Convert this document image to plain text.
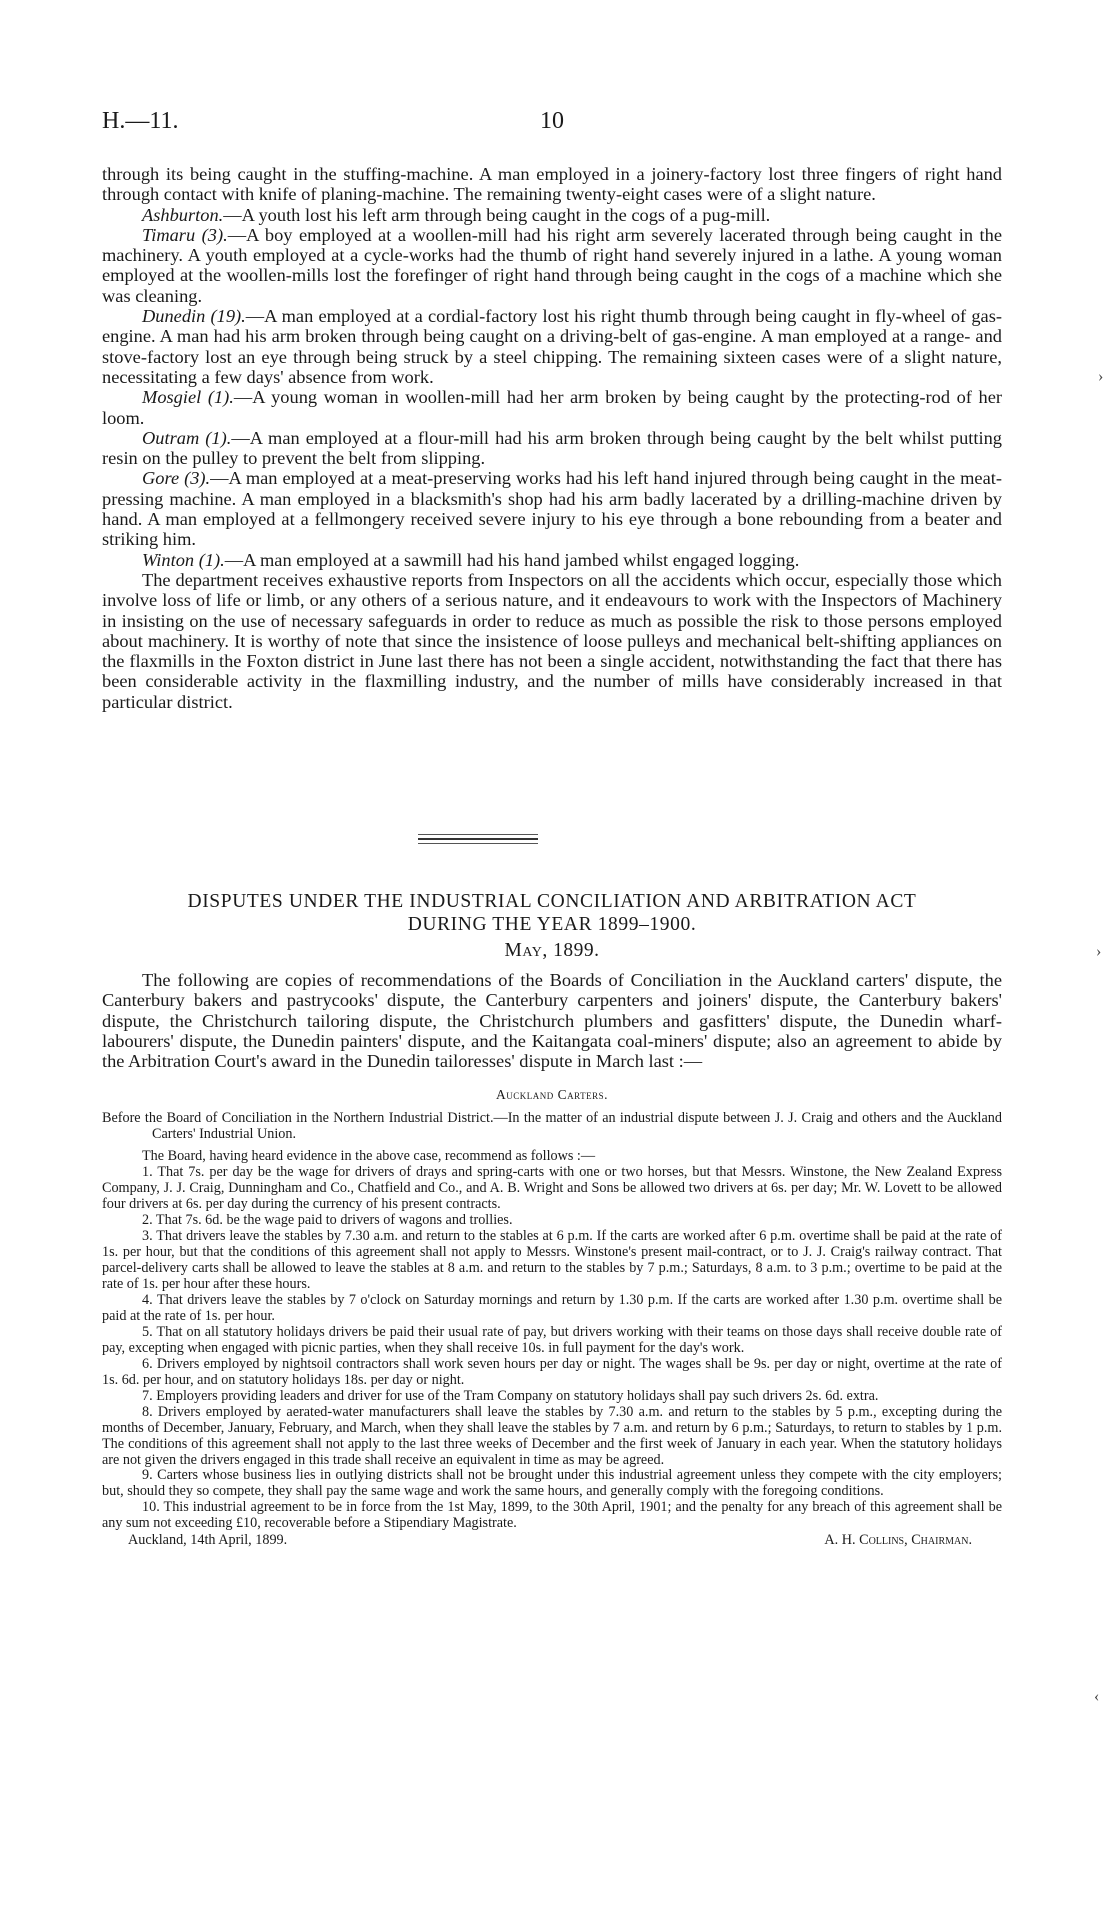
H.—11.	10

through its being caught in the stuffing-machine. A man employed in a joinery-factory lost three fingers of right hand through contact with knife of planing-machine. The remaining twenty-eight cases were of a slight nature.

Ashburton.—A youth lost his left arm through being caught in the cogs of a pug-mill.

Timaru (3).—A boy employed at a woollen-mill had his right arm severely lacerated through being caught in the machinery. A youth employed at a cycle-works had the thumb of right hand severely injured in a lathe. A young woman employed at the woollen-mills lost the forefinger of right hand through being caught in the cogs of a machine which she was cleaning.

Dunedin (19).—A man employed at a cordial-factory lost his right thumb through being caught in fly-wheel of gas-engine. A man had his arm broken through being caught on a driving-belt of gas-engine. A man employed at a range- and stove-factory lost an eye through being struck by a steel chipping. The remaining sixteen cases were of a slight nature, necessitating a few days' absence from work.

Mosgiel (1).—A young woman in woollen-mill had her arm broken by being caught by the protecting-rod of her loom.

Outram (1).—A man employed at a flour-mill had his arm broken through being caught by the belt whilst putting resin on the pulley to prevent the belt from slipping.

Gore (3).—A man employed at a meat-preserving works had his left hand injured through being caught in the meat-pressing machine. A man employed in a blacksmith's shop had his arm badly lacerated by a drilling-machine driven by hand. A man employed at a fellmongery received severe injury to his eye through a bone rebounding from a beater and striking him.

Winton (1).—A man employed at a sawmill had his hand jambed whilst engaged logging.

The department receives exhaustive reports from Inspectors on all the accidents which occur, especially those which involve loss of life or limb, or any others of a serious nature, and it endeavours to work with the Inspectors of Machinery in insisting on the use of necessary safeguards in order to reduce as much as possible the risk to those persons employed about machinery. It is worthy of note that since the insistence of loose pulleys and mechanical belt-shifting appliances on the flaxmills in the Foxton district in June last there has not been a single accident, notwithstanding the fact that there has been considerable activity in the flaxmilling industry, and the number of mills have considerably increased in that particular district.

DISPUTES UNDER THE INDUSTRIAL CONCILIATION AND ARBITRATION ACT

DURING THE YEAR 1899–1900.

May, 1899.

The following are copies of recommendations of the Boards of Conciliation in the Auckland carters' dispute, the Canterbury bakers and pastrycooks' dispute, the Canterbury carpenters and joiners' dispute, the Canterbury bakers' dispute, the Christchurch tailoring dispute, the Christchurch plumbers and gasfitters' dispute, the Dunedin wharf-labourers' dispute, the Dunedin painters' dispute, and the Kaitangata coal-miners' dispute; also an agreement to abide by the Arbitration Court's award in the Dunedin tailoresses' dispute in March last :—

Auckland Carters.

Before the Board of Conciliation in the Northern Industrial District.—In the matter of an industrial dispute between J. J. Craig and others and the Auckland Carters' Industrial Union.

The Board, having heard evidence in the above case, recommend as follows :—

1. That 7s. per day be the wage for drivers of drays and spring-carts with one or two horses, but that Messrs. Winstone, the New Zealand Express Company, J. J. Craig, Dunningham and Co., Chatfield and Co., and A. B. Wright and Sons be allowed two drivers at 6s. per day; Mr. W. Lovett to be allowed four drivers at 6s. per day during the currency of his present contracts.

2. That 7s. 6d. be the wage paid to drivers of wagons and trollies.

3. That drivers leave the stables by 7.30 a.m. and return to the stables at 6 p.m. If the carts are worked after 6 p.m. overtime shall be paid at the rate of 1s. per hour, but that the conditions of this agreement shall not apply to Messrs. Winstone's present mail-contract, or to J. J. Craig's railway contract. That parcel-delivery carts shall be allowed to leave the stables at 8 a.m. and return to the stables by 7 p.m.; Saturdays, 8 a.m. to 3 p.m.; overtime to be paid at the rate of 1s. per hour after these hours.

4. That drivers leave the stables by 7 o'clock on Saturday mornings and return by 1.30 p.m. If the carts are worked after 1.30 p.m. overtime shall be paid at the rate of 1s. per hour.

5. That on all statutory holidays drivers be paid their usual rate of pay, but drivers working with their teams on those days shall receive double rate of pay, excepting when engaged with picnic parties, when they shall receive 10s. in full payment for the day's work.

6. Drivers employed by nightsoil contractors shall work seven hours per day or night. The wages shall be 9s. per day or night, overtime at the rate of 1s. 6d. per hour, and on statutory holidays 18s. per day or night.

7. Employers providing leaders and driver for use of the Tram Company on statutory holidays shall pay such drivers 2s. 6d. extra.

8. Drivers employed by aerated-water manufacturers shall leave the stables by 7.30 a.m. and return to the stables by 5 p.m., excepting during the months of December, January, February, and March, when they shall leave the stables by 7 a.m. and return by 6 p.m.; Saturdays, to return to stables by 1 p.m. The conditions of this agreement shall not apply to the last three weeks of December and the first week of January in each year. When the statutory holidays are not given the drivers engaged in this trade shall receive an equivalent in time as may be agreed.

9. Carters whose business lies in outlying districts shall not be brought under this industrial agreement unless they compete with the city employers; but, should they so compete, they shall pay the same wage and work the same hours, and generally comply with the foregoing conditions.

10. This industrial agreement to be in force from the 1st May, 1899, to the 30th April, 1901; and the penalty for any breach of this agreement shall be any sum not exceeding £10, recoverable before a Stipendiary Magistrate.

Auckland, 14th April, 1899.	A. H. Collins, Chairman.
›
›
‹
